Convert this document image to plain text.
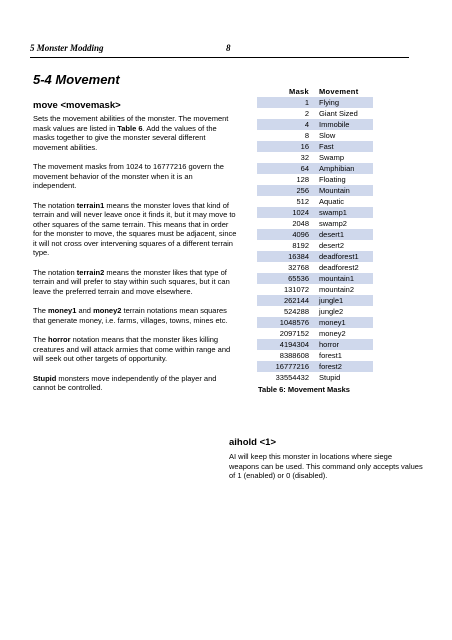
5 Monster Modding	8
5-4 Movement
move <movemask>

Sets the movement abilities of the monster. The movement mask values are listed in Table 6. Add the values of the masks together to give the monster several different movement abilities.

The movement masks from 1024 to 16777216 govern the movement behavior of the monster when it is an independent.

The notation terrain1 means the monster loves that kind of terrain and will never leave once it finds it, but it may move to other squares of the same terrain. This means that in order for the monster to move, the squares must be adjacent, since it will not cross over intervening squares of a different terrain type.

The notation terrain2 means the monster likes that type of terrain and will prefer to stay within such squares, but it can leave the preferred terrain and move elsewhere.

The money1 and money2 terrain notations mean squares that generate money, i.e. farms, villages, towns, mines etc.

The horror notation means that the monster likes killing creatures and will attack armies that come within range and will seek out other targets of opportunity.

Stupid monsters move independently of the player and cannot be controlled.

Mask	Movement
1	Flying
2	Giant Sized
4	Immobile
8	Slow
16	Fast
32	Swamp
64	Amphibian
128	Floating
256	Mountain
512	Aquatic
1024	swamp1
2048	swamp2
4096	desert1
8192	desert2
16384	deadforest1
32768	deadforest2
65536	mountain1
131072	mountain2
262144	jungle1
524288	jungle2
1048576	money1
2097152	money2
4194304	horror
8388608	forest1
16777216	forest2
33554432	Stupid
Table 6: Movement Masks
aihold <1>

AI will keep this monster in locations where siege weapons can be used. This command only accepts values of 1 (enabled) or 0 (disabled).
